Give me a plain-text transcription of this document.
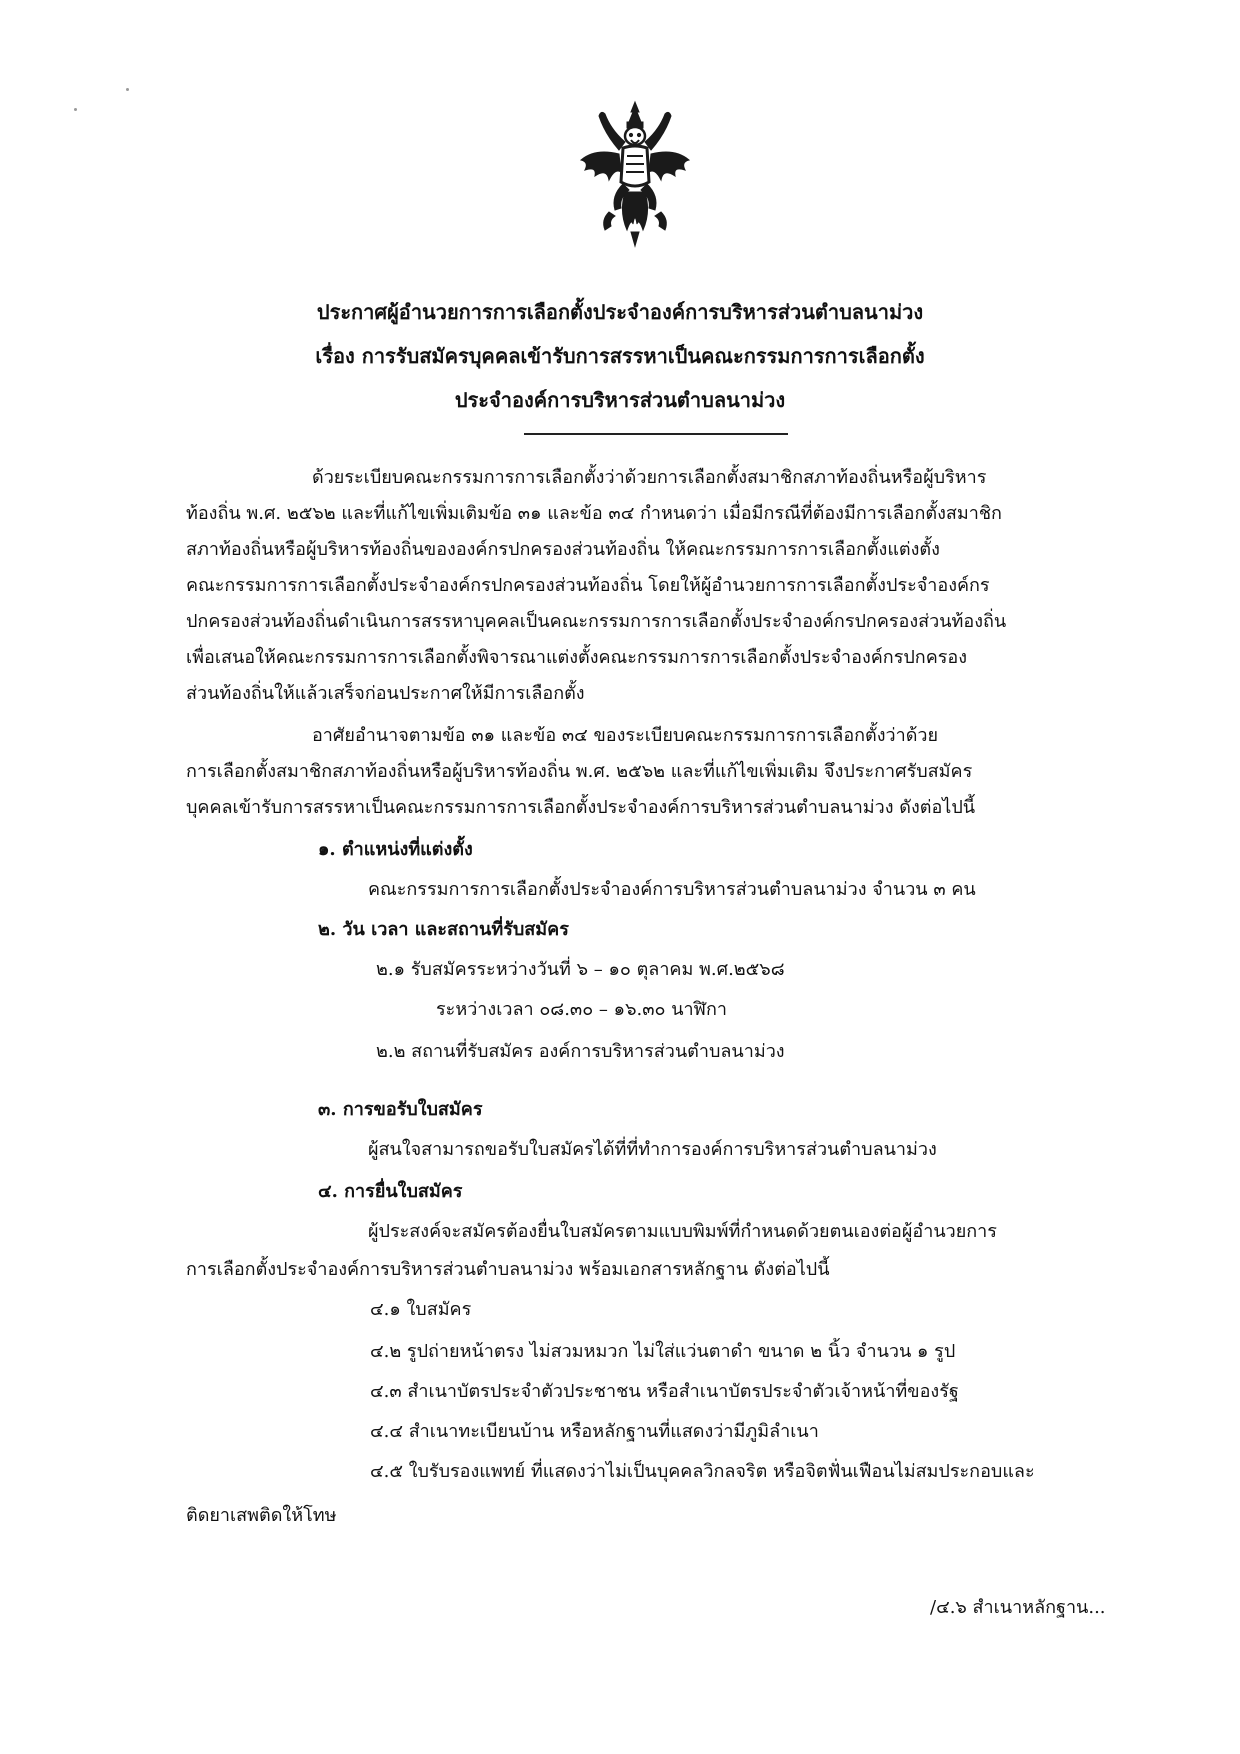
ประกาศผู้อำนวยการการเลือกตั้งประจำองค์การบริหารส่วนตำบลนาม่วง
เรื่อง การรับสมัครบุคคลเข้ารับการสรรหาเป็นคณะกรรมการการเลือกตั้ง
ประจำองค์การบริหารส่วนตำบลนาม่วง
ด้วยระเบียบคณะกรรมการการเลือกตั้งว่าด้วยการเลือกตั้งสมาชิกสภาท้องถิ่นหรือผู้บริหาร
ท้องถิ่น พ.ศ. ๒๕๖๒ และที่แก้ไขเพิ่มเติมข้อ ๓๑ และข้อ ๓๔ กำหนดว่า เมื่อมีกรณีที่ต้องมีการเลือกตั้งสมาชิก
สภาท้องถิ่นหรือผู้บริหารท้องถิ่นขององค์กรปกครองส่วนท้องถิ่น ให้คณะกรรมการการเลือกตั้งแต่งตั้ง
คณะกรรมการการเลือกตั้งประจำองค์กรปกครองส่วนท้องถิ่น โดยให้ผู้อำนวยการการเลือกตั้งประจำองค์กร
ปกครองส่วนท้องถิ่นดำเนินการสรรหาบุคคลเป็นคณะกรรมการการเลือกตั้งประจำองค์กรปกครองส่วนท้องถิ่น
เพื่อเสนอให้คณะกรรมการการเลือกตั้งพิจารณาแต่งตั้งคณะกรรมการการเลือกตั้งประจำองค์กรปกครอง
ส่วนท้องถิ่นให้แล้วเสร็จก่อนประกาศให้มีการเลือกตั้ง
อาศัยอำนาจตามข้อ ๓๑ และข้อ ๓๔ ของระเบียบคณะกรรมการการเลือกตั้งว่าด้วย
การเลือกตั้งสมาชิกสภาท้องถิ่นหรือผู้บริหารท้องถิ่น พ.ศ. ๒๕๖๒ และที่แก้ไขเพิ่มเติม จึงประกาศรับสมัคร
บุคคลเข้ารับการสรรหาเป็นคณะกรรมการการเลือกตั้งประจำองค์การบริหารส่วนตำบลนาม่วง ดังต่อไปนี้
๑. ตำแหน่งที่แต่งตั้ง
คณะกรรมการการเลือกตั้งประจำองค์การบริหารส่วนตำบลนาม่วง จำนวน ๓ คน
๒. วัน เวลา และสถานที่รับสมัคร
๒.๑ รับสมัครระหว่างวันที่ ๖ – ๑๐ ตุลาคม พ.ศ.๒๕๖๘
ระหว่างเวลา ๐๘.๓๐ – ๑๖.๓๐ นาฬิกา
๒.๒ สถานที่รับสมัคร องค์การบริหารส่วนตำบลนาม่วง
๓. การขอรับใบสมัคร
ผู้สนใจสามารถขอรับใบสมัครได้ที่ที่ทำการองค์การบริหารส่วนตำบลนาม่วง
๔. การยื่นใบสมัคร
ผู้ประสงค์จะสมัครต้องยื่นใบสมัครตามแบบพิมพ์ที่กำหนดด้วยตนเองต่อผู้อำนวยการ
การเลือกตั้งประจำองค์การบริหารส่วนตำบลนาม่วง พร้อมเอกสารหลักฐาน ดังต่อไปนี้
๔.๑ ใบสมัคร
๔.๒ รูปถ่ายหน้าตรง ไม่สวมหมวก ไม่ใส่แว่นตาดำ ขนาด ๒ นิ้ว จำนวน ๑ รูป
๔.๓ สำเนาบัตรประจำตัวประชาชน หรือสำเนาบัตรประจำตัวเจ้าหน้าที่ของรัฐ
๔.๔ สำเนาทะเบียนบ้าน หรือหลักฐานที่แสดงว่ามีภูมิลำเนา
๔.๕ ใบรับรองแพทย์ ที่แสดงว่าไม่เป็นบุคคลวิกลจริต หรือจิตฟั่นเฟือนไม่สมประกอบและ
ติดยาเสพติดให้โทษ
/๔.๖ สำเนาหลักฐาน...
